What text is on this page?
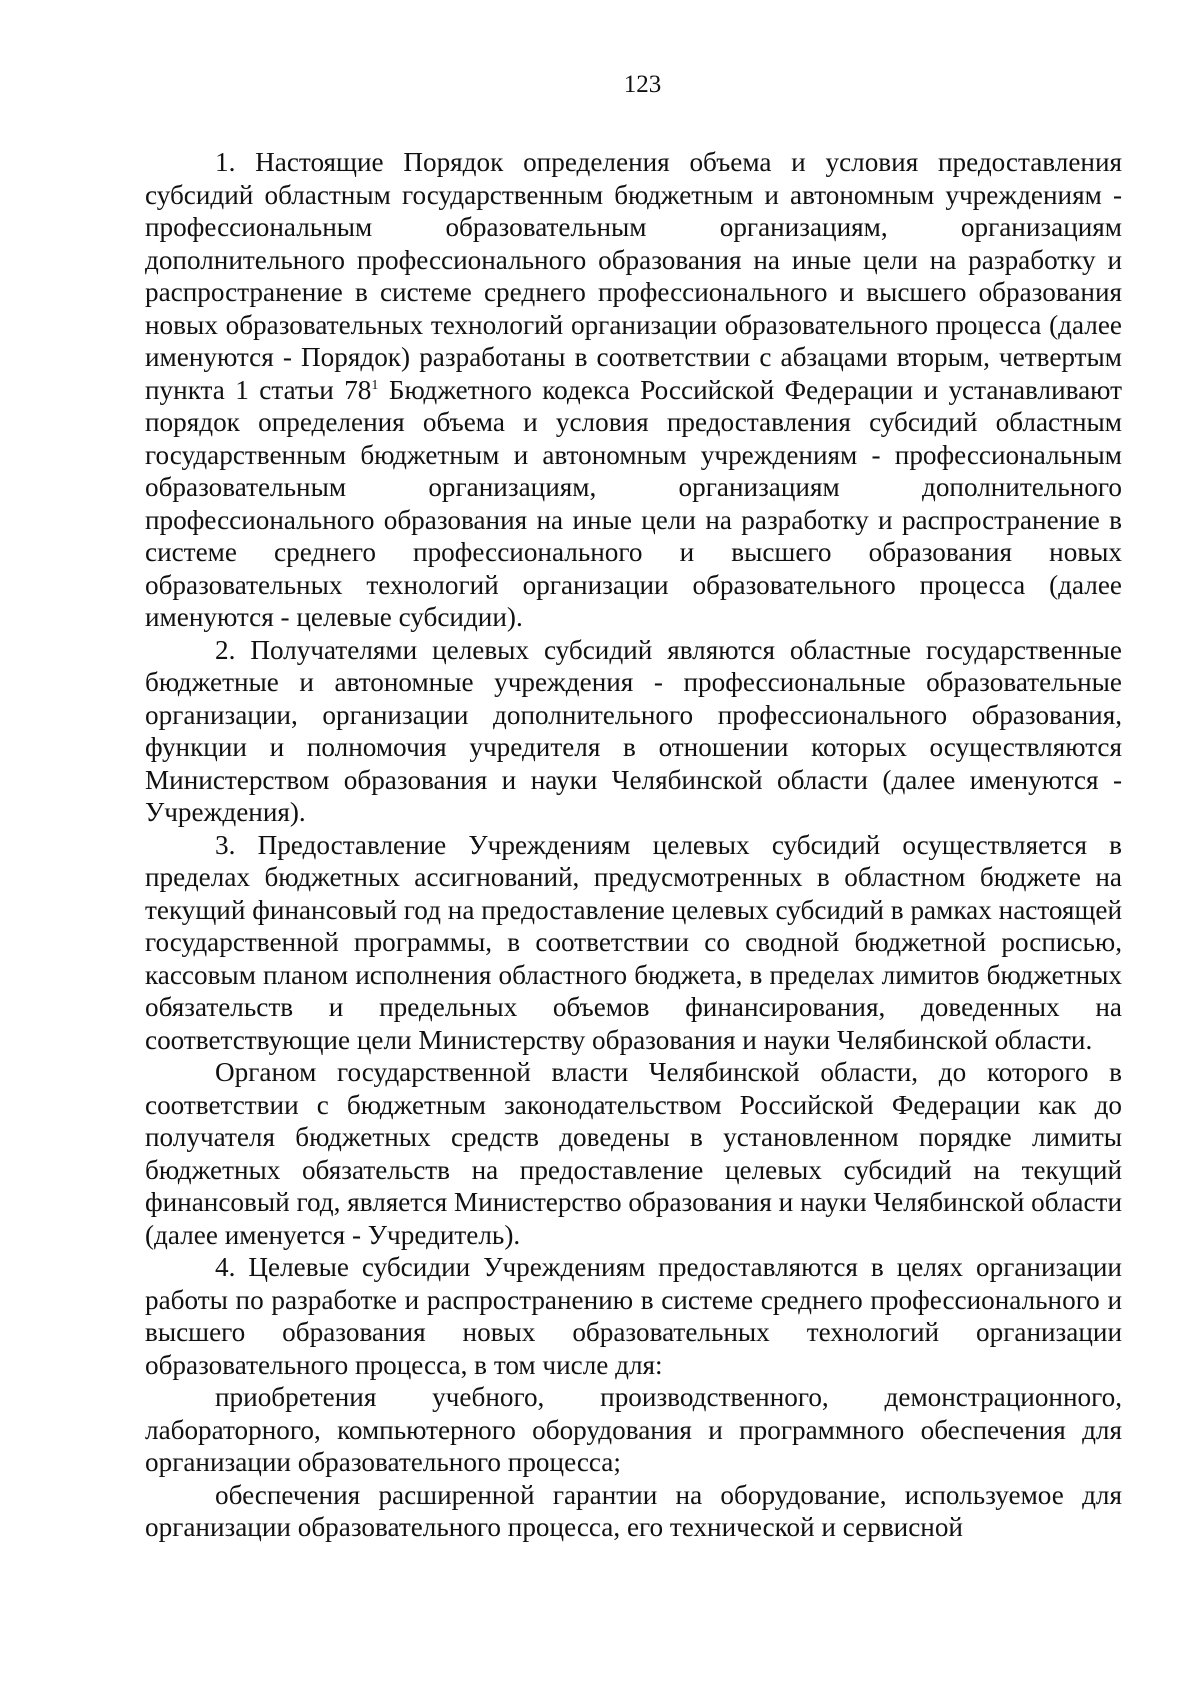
123

1. Настоящие Порядок определения объема и условия предоставления субсидий областным государственным бюджетным и автономным учреждениям - профессиональным образовательным организациям, организациям дополнительного профессионального образования на иные цели на разработку и распространение в системе среднего профессионального и высшего образования новых образовательных технологий организации образовательного процесса (далее именуются - Порядок) разработаны в соответствии с абзацами вторым, четвертым пункта 1 статьи $78^1$ Бюджетного кодекса Российской Федерации и устанавливают порядок определения объема и условия предоставления субсидий областным государственным бюджетным и автономным учреждениям - профессиональным образовательным организациям, организациям дополнительного профессионального образования на иные цели на разработку и распространение в системе среднего профессионального и высшего образования новых образовательных технологий организации образовательного процесса (далее именуются - целевые субсидии).

2. Получателями целевых субсидий являются областные государственные бюджетные и автономные учреждения - профессиональные образовательные организации, организации дополнительного профессионального образования, функции и полномочия учредителя в отношении которых осуществляются Министерством образования и науки Челябинской области (далее именуются - Учреждения).

3. Предоставление Учреждениям целевых субсидий осуществляется в пределах бюджетных ассигнований, предусмотренных в областном бюджете на текущий финансовый год на предоставление целевых субсидий в рамках настоящей государственной программы, в соответствии со сводной бюджетной росписью, кассовым планом исполнения областного бюджета, в пределах лимитов бюджетных обязательств и предельных объемов финансирования, доведенных на соответствующие цели Министерству образования и науки Челябинской области.

Органом государственной власти Челябинской области, до которого в соответствии с бюджетным законодательством Российской Федерации как до получателя бюджетных средств доведены в установленном порядке лимиты бюджетных обязательств на предоставление целевых субсидий на текущий финансовый год, является Министерство образования и науки Челябинской области (далее именуется - Учредитель).

4. Целевые субсидии Учреждениям предоставляются в целях организации работы по разработке и распространению в системе среднего профессионального и высшего образования новых образовательных технологий организации образовательного процесса, в том числе для:

приобретения учебного, производственного, демонстрационного, лабораторного, компьютерного оборудования и программного обеспечения для организации образовательного процесса;

обеспечения расширенной гарантии на оборудование, используемое для организации образовательного процесса, его технической и сервисной
